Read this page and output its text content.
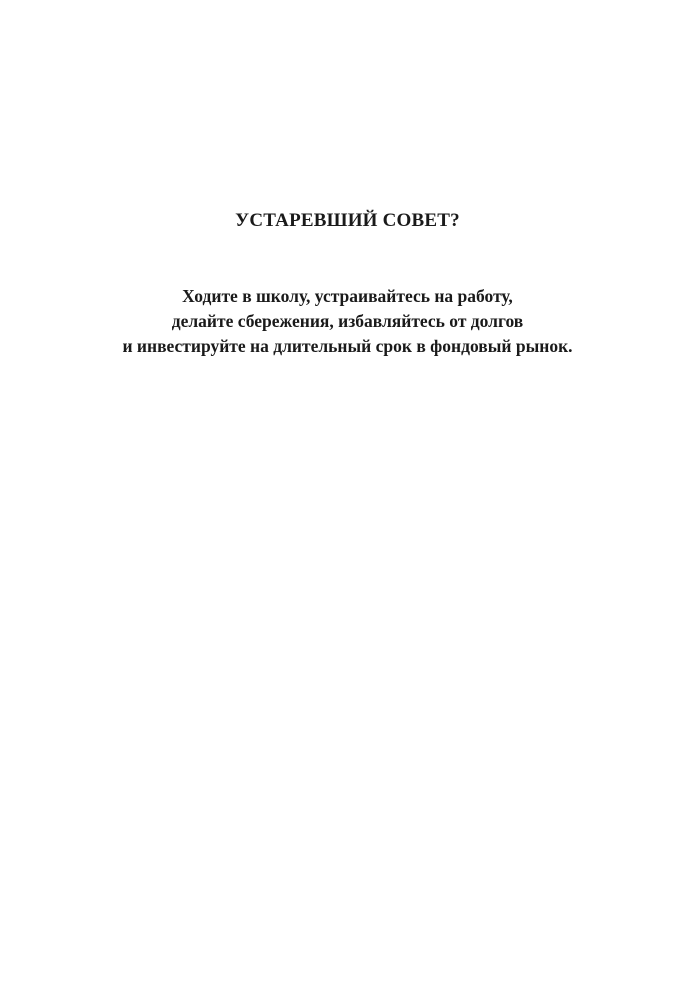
УСТАРЕВШИЙ СОВЕТ?
Ходите в школу, устраивайтесь на работу,
делайте сбережения, избавляйтесь от долгов
и инвестируйте на длительный срок в фондовый рынок.
